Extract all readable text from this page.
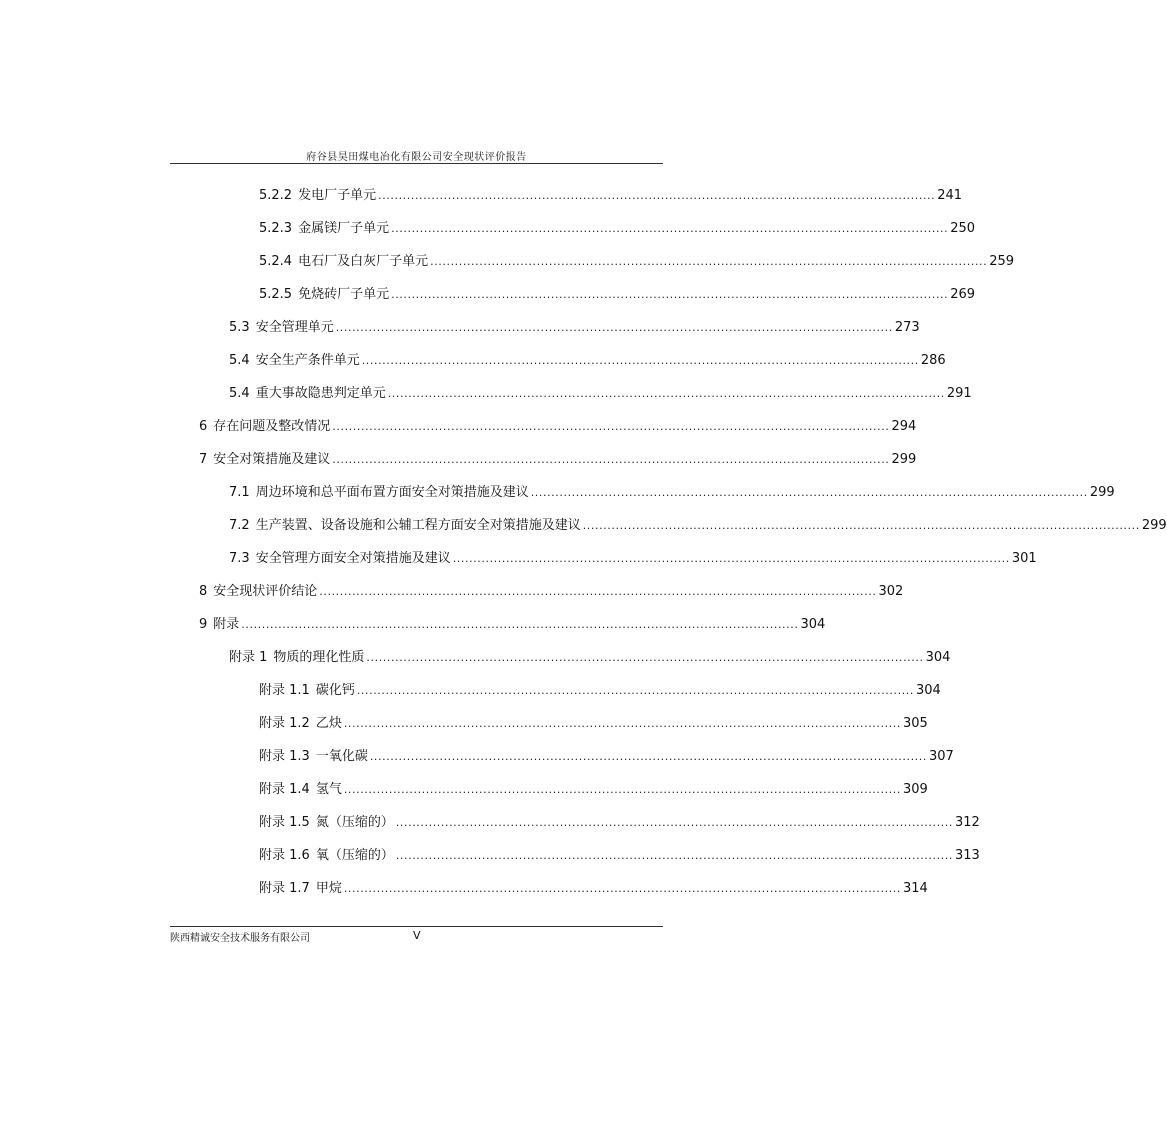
府谷县昊田煤电冶化有限公司安全现状评价报告
5.2.2 发电厂子单元 ........................................................................................................................................ 241
5.2.3 金属镁厂子单元 ........................................................................................................................................ 250
5.2.4 电石厂及白灰厂子单元 ........................................................................................................................................ 259
5.2.5 免烧砖厂子单元 ........................................................................................................................................ 269
5.3 安全管理单元 ........................................................................................................................................ 273
5.4 安全生产条件单元 ........................................................................................................................................ 286
5.4 重大事故隐患判定单元 ........................................................................................................................................ 291
6 存在问题及整改情况 ........................................................................................................................................ 294
7 安全对策措施及建议 ........................................................................................................................................ 299
7.1 周边环境和总平面布置方面安全对策措施及建议 ........................................................................................................................................ 299
7.2 生产装置、设备设施和公辅工程方面安全对策措施及建议 ........................................................................................................................................ 299
7.3 安全管理方面安全对策措施及建议 ........................................................................................................................................ 301
8 安全现状评价结论 ........................................................................................................................................ 302
9 附录 ........................................................................................................................................ 304
附录 1 物质的理化性质 ........................................................................................................................................ 304
附录 1.1 碳化钙 ........................................................................................................................................ 304
附录 1.2 乙炔 ........................................................................................................................................ 305
附录 1.3 一氧化碳 ........................................................................................................................................ 307
附录 1.4 氢气 ........................................................................................................................................ 309
附录 1.5 氮（压缩的） ........................................................................................................................................ 312
附录 1.6 氧（压缩的） ........................................................................................................................................ 313
附录 1.7 甲烷 ........................................................................................................................................ 314
陕西精诚安全技术服务有限公司	V
